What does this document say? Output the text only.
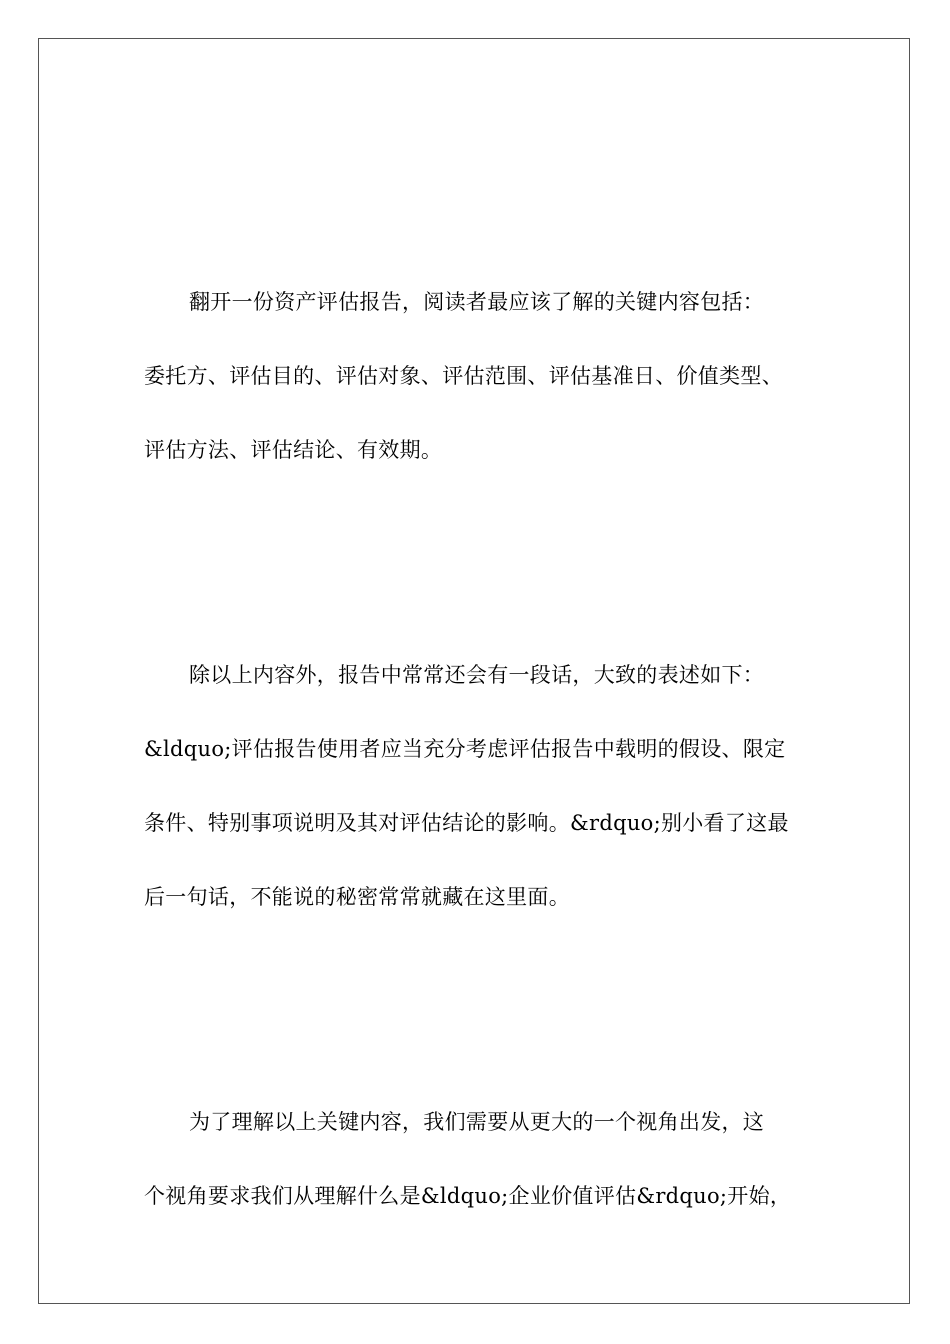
翻开一份资产评估报告，阅读者最应该了解的关键内容包括：
委托方、评估目的、评估对象、评估范围、评估基准日、价值类型、
评估方法、评估结论、有效期。
除以上内容外，报告中常常还会有一段话，大致的表述如下：
&ldquo;评估报告使用者应当充分考虑评估报告中载明的假设、限定
条件、特别事项说明及其对评估结论的影响。&rdquo;别小看了这最
后一句话，不能说的秘密常常就藏在这里面。
为了理解以上关键内容，我们需要从更大的一个视角出发，这
个视角要求我们从理解什么是&ldquo;企业价值评估&rdquo;开始，
